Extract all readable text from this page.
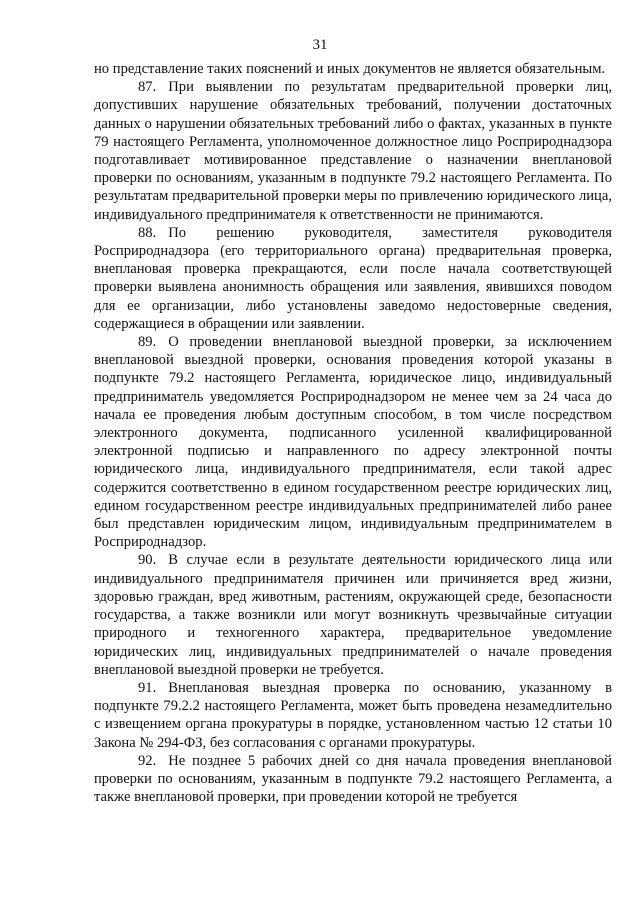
31

но представление таких пояснений и иных документов не является обязательным.

87. При выявлении по результатам предварительной проверки лиц, допустивших нарушение обязательных требований, получении достаточных данных о нарушении обязательных требований либо о фактах, указанных в пункте 79 настоящего Регламента, уполномоченное должностное лицо Росприроднадзора подготавливает мотивированное представление о назначении внеплановой проверки по основаниям, указанным в подпункте 79.2 настоящего Регламента. По результатам предварительной проверки меры по привлечению юридического лица, индивидуального предпринимателя к ответственности не принимаются.

88. По решению руководителя, заместителя руководителя Росприроднадзора (его территориального органа) предварительная проверка, внеплановая проверка прекращаются, если после начала соответствующей проверки выявлена анонимность обращения или заявления, явившихся поводом для ее организации, либо установлены заведомо недостоверные сведения, содержащиеся в обращении или заявлении.

89. О проведении внеплановой выездной проверки, за исключением внеплановой выездной проверки, основания проведения которой указаны в подпункте 79.2 настоящего Регламента, юридическое лицо, индивидуальный предприниматель уведомляется Росприроднадзором не менее чем за 24 часа до начала ее проведения любым доступным способом, в том числе посредством электронного документа, подписанного усиленной квалифицированной электронной подписью и направленного по адресу электронной почты юридического лица, индивидуального предпринимателя, если такой адрес содержится соответственно в едином государственном реестре юридических лиц, едином государственном реестре индивидуальных предпринимателей либо ранее был представлен юридическим лицом, индивидуальным предпринимателем в Росприроднадзор.

90. В случае если в результате деятельности юридического лица или индивидуального предпринимателя причинен или причиняется вред жизни, здоровью граждан, вред животным, растениям, окружающей среде, безопасности государства, а также возникли или могут возникнуть чрезвычайные ситуации природного и техногенного характера, предварительное уведомление юридических лиц, индивидуальных предпринимателей о начале проведения внеплановой выездной проверки не требуется.

91. Внеплановая выездная проверка по основанию, указанному в подпункте 79.2.2 настоящего Регламента, может быть проведена незамедлительно с извещением органа прокуратуры в порядке, установленном частью 12 статьи 10 Закона № 294-ФЗ, без согласования с органами прокуратуры.

92. Не позднее 5 рабочих дней со дня начала проведения внеплановой проверки по основаниям, указанным в подпункте 79.2 настоящего Регламента, а также внеплановой проверки, при проведении которой не требуется
